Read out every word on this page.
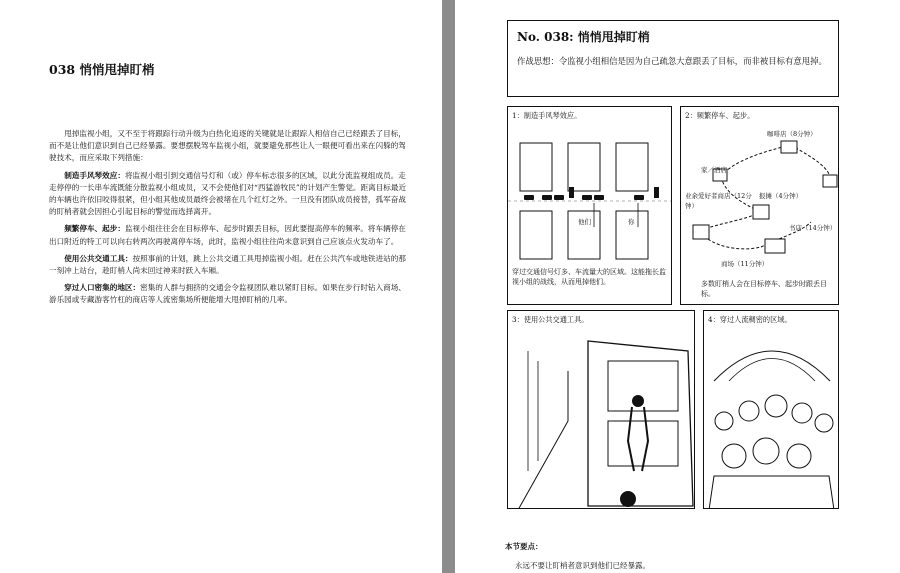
038 悄悄甩掉盯梢

甩掉监视小组，又不至于将跟踪行动升级为白热化追逐的关键就是让跟踪人相信自己已经跟丢了目标，而不是让他们意识到自己已经暴露。要想摆脱驾车监视小组，就要避免那些让人一眼便可看出来在闪躲的驾驶技术，而应采取下列措施：

制造手风琴效应：将监视小组引到交通信号灯和（或）停车标志很多的区域，以此分流监视组成员。走走停停的一长串车流既能分散监视小组成员，又不会使他们对“西猛游牧民”的计划产生警觉。距离目标最近的车辆也许依旧咬得很紧，但小组其他成员最终会被堵在几个红灯之外。一旦没有团队成员接替，孤军奋战的盯梢者就会因担心引起目标的警觉而选择离开。

频繁停车、起步：监视小组往往会在目标停车、起步时跟丢目标，因此要提高停车的频率。将车辆停在出口附近的特工可以向右转两次再驶离停车场，此时，监视小组往往尚未意识到自己应该点火发动车了。

使用公共交通工具：按照事前的计划，跳上公共交通工具甩掉监视小组。赶在公共汽车或地铁进站的那一刻冲上站台，趁盯梢人尚未回过神来时跃入车厢。

穿过人口密集的地区：密集的人群与拥挤的交通会令监视团队难以紧盯目标。如果在步行时钻入商场、游乐园或专藏游客竹杠的商店等人流密集场所便能增大甩掉盯梢的几率。

No. 038: 悄悄甩掉盯梢
作战思想：令监视小组相信是因为自己疏忽大意跟丢了目标，而非被目标有意甩掉。
1：制造手风琴效应。
他们	你
穿过交通信号灯多、车流量大的区域。这能拖长监视小组的战线，从而甩掉他们。
2：频繁停车、起步。
咖啡店（8分钟）
家／酒店
业余爱好者商店（12分钟）
报摊（4分钟）
书店（14分钟）
商场（11分钟）
多数盯梢人会在目标停车、起步时跟丢目标。
3：使用公共交通工具。	4：穿过人流稠密的区域。
本节要点：
永远不要让盯梢者意识到他们已经暴露。
